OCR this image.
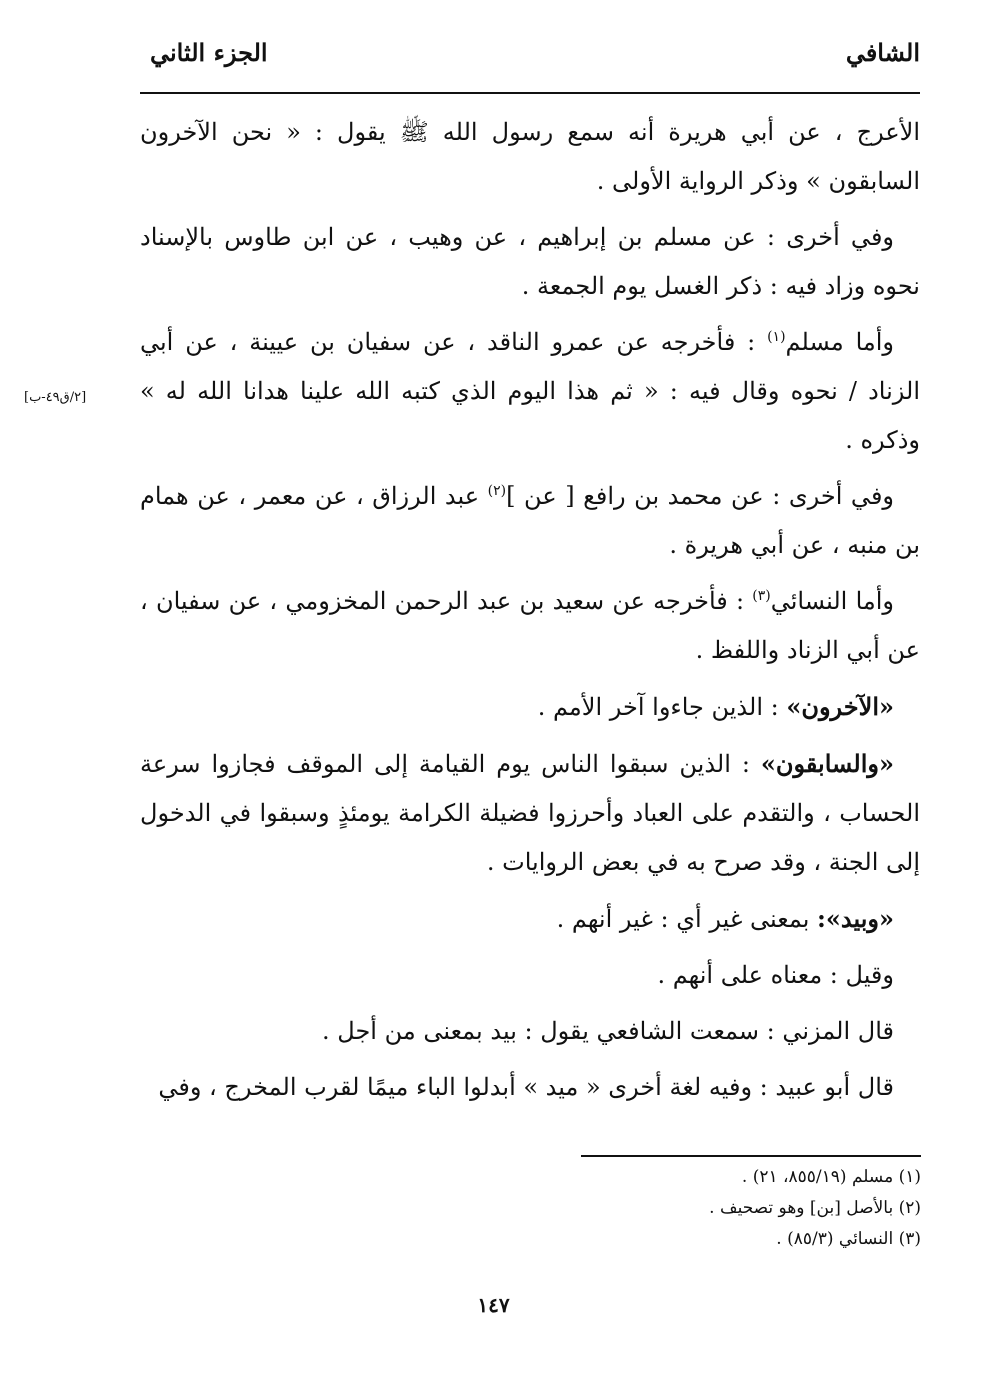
الشافي
الجزء الثاني
[٢/ق٤٩-ب]

الأعرج ، عن أبي هريرة أنه سمع رسول الله ﷺ يقول : « نحن الآخرون السابقون » وذكر الرواية الأولى .

وفي أخرى : عن مسلم بن إبراهيم ، عن وهيب ، عن ابن طاوس بالإسناد نحوه وزاد فيه : ذكر الغسل يوم الجمعة .

وأما مسلم$^{(١)}$ : فأخرجه عن عمرو الناقد ، عن سفيان بن عيينة ، عن أبي الزناد / نحوه وقال فيه : « ثم هذا اليوم الذي كتبه الله علينا هدانا الله له » وذكره .

وفي أخرى : عن محمد بن رافع [ عن ]$^{(٢)}$ عبد الرزاق ، عن معمر ، عن همام بن منبه ، عن أبي هريرة .

وأما النسائي$^{(٣)}$ : فأخرجه عن سعيد بن عبد الرحمن المخزومي ، عن سفيان ، عن أبي الزناد واللفظ .

«الآخرون» : الذين جاءوا آخر الأمم .

«والسابقون» : الذين سبقوا الناس يوم القيامة إلى الموقف فجازوا سرعة الحساب ، والتقدم على العباد وأحرزوا فضيلة الكرامة يومئذٍ وسبقوا في الدخول إلى الجنة ، وقد صرح به في بعض الروايات .

«وبيد»: بمعنى غير أي : غير أنهم .

وقيل : معناه على أنهم .

قال المزني : سمعت الشافعي يقول : بيد بمعنى من أجل .

قال أبو عبيد : وفيه لغة أخرى « ميد » أبدلوا الباء ميمًا لقرب المخرج ، وفي

(١) مسلم (٨٥٥/١٩، ٢١) .
(٢) بالأصل [بن] وهو تصحيف .
(٣) النسائي (٨٥/٣) .
١٤٧
